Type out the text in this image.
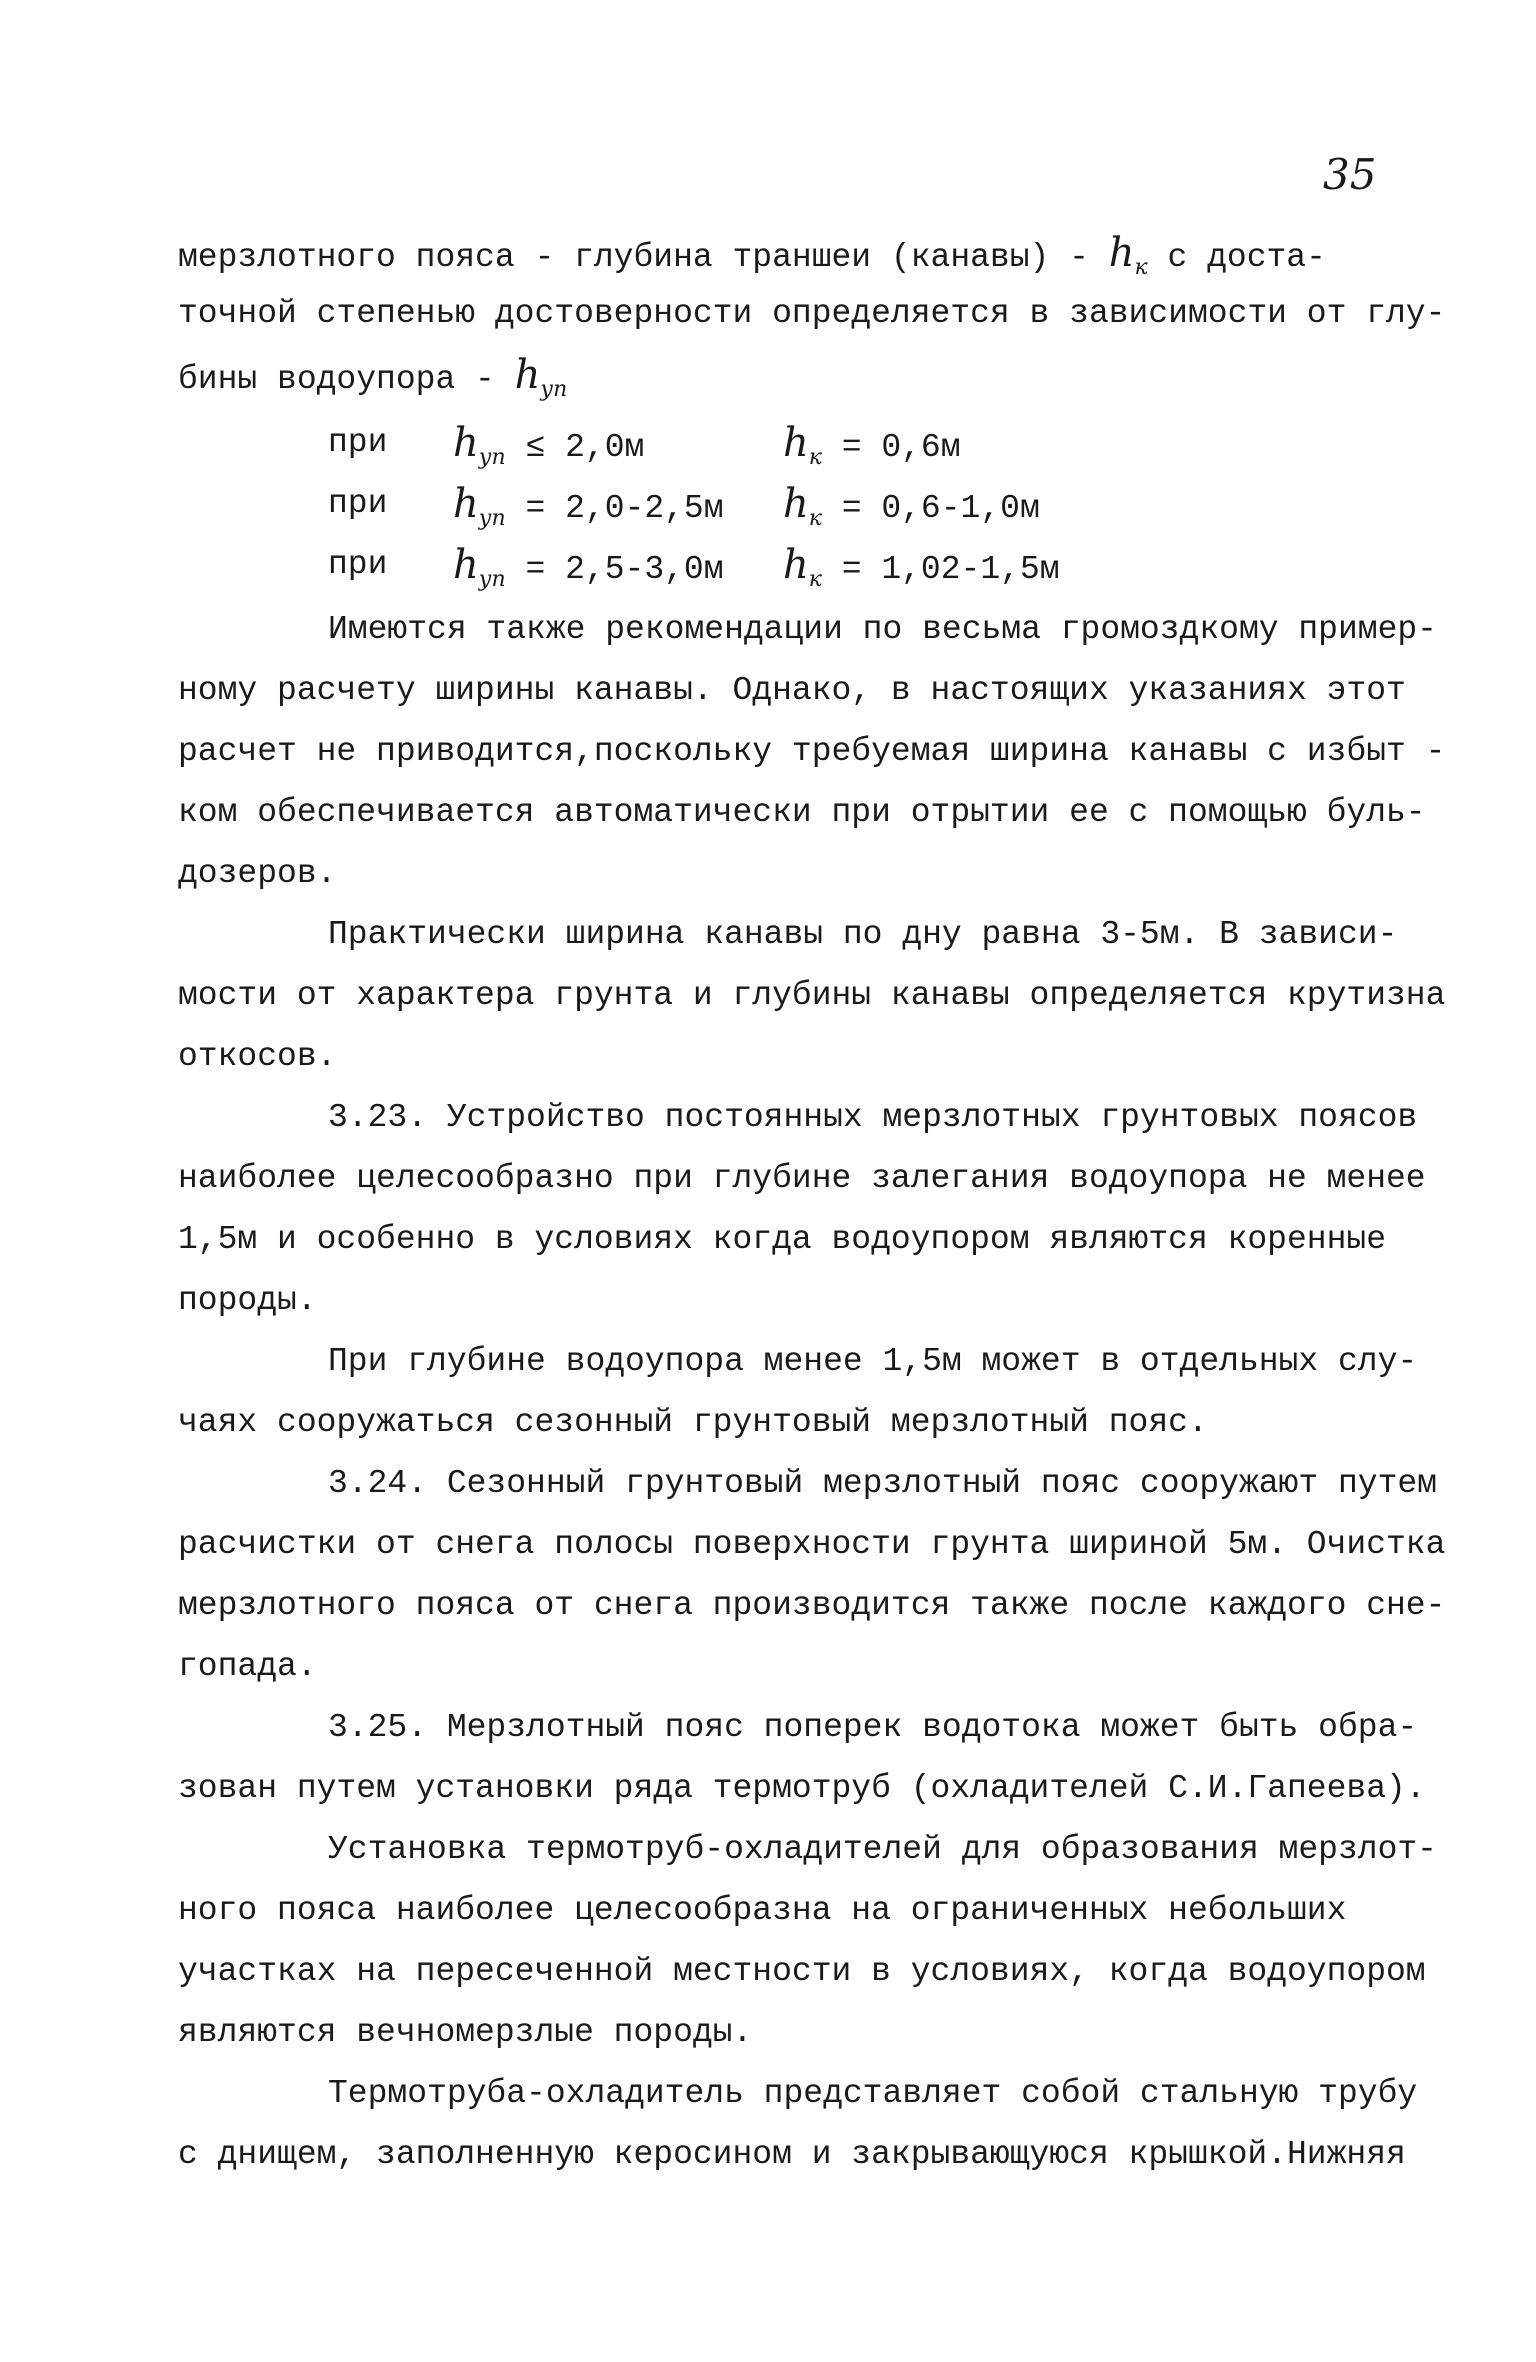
35
мерзлотного пояса - глубина траншеи (канавы) - $h_к$ с доста-
точной степенью достоверности определяется в зависимости от глу-
бины водоупора - $h_{уп}$
при $h_{уп} \le 2,0м$	$h_к = 0,6м$
при $h_{уп} = 2,0-2,5м$ $h_к = 0,6-1,0м$
при $h_{уп} = 2,5-3,0м$ $h_к = 1,02-1,5м$
Имеются также рекомендации по весьма громоздкому пример-
ному расчету ширины канавы. Однако, в настоящих указаниях этот
расчет не приводится,поскольку требуемая ширина канавы с избыт -
ком обеспечивается автоматически при отрытии ее с помощью буль-
дозеров.
Практически ширина канавы по дну равна 3-5м. В зависи-
мости от характера грунта и глубины канавы определяется крутизна
откосов.
3.23. Устройство постоянных мерзлотных грунтовых поясов
наиболее целесообразно при глубине залегания водоупора не менее
1,5м и особенно в условиях когда водоупором являются коренные
породы.
При глубине водоупора менее 1,5м может в отдельных слу-
чаях сооружаться сезонный грунтовый мерзлотный пояс.
3.24. Сезонный грунтовый мерзлотный пояс сооружают путем
расчистки от снега полосы поверхности грунта шириной 5м. Очистка
мерзлотного пояса от снега производится также после каждого сне-
гопада.
3.25. Мерзлотный пояс поперек водотока может быть обра-
зован путем установки ряда термотруб (охладителей С.И.Гапеева).
Установка термотруб-охладителей для образования мерзлот-
ного пояса наиболее целесообразна на ограниченных небольших
участках на пересеченной местности в условиях, когда водоупором
являются вечномерзлые породы.
Термотруба-охладитель представляет собой стальную трубу
с днищем, заполненную керосином и закрывающуюся крышкой.Нижняя
